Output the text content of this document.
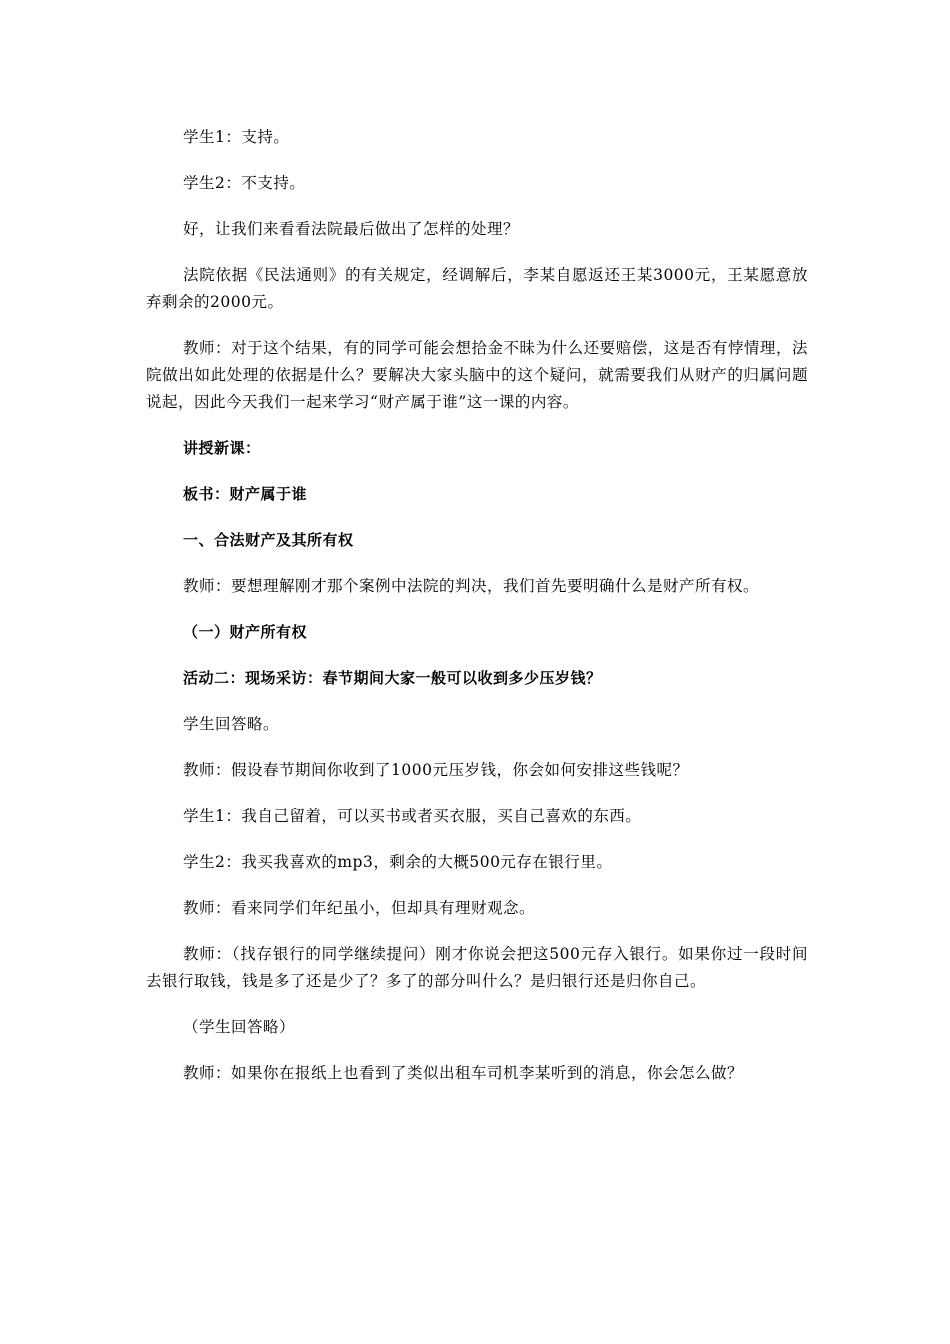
学生1：支持。

学生2：不支持。

好，让我们来看看法院最后做出了怎样的处理？

法院依据《民法通则》的有关规定，经调解后，李某自愿返还王某3000元，王某愿意放弃剩余的2000元。

教师：对于这个结果，有的同学可能会想拾金不昧为什么还要赔偿，这是否有悖情理，法院做出如此处理的依据是什么？要解决大家头脑中的这个疑问，就需要我们从财产的归属问题说起，因此今天我们一起来学习“财产属于谁”这一课的内容。

讲授新课：

板书：财产属于谁

一、合法财产及其所有权

教师：要想理解刚才那个案例中法院的判决，我们首先要明确什么是财产所有权。

（一）财产所有权

活动二：现场采访：春节期间大家一般可以收到多少压岁钱？

学生回答略。

教师：假设春节期间你收到了1000元压岁钱，你会如何安排这些钱呢？

学生1：我自己留着，可以买书或者买衣服，买自己喜欢的东西。

学生2：我买我喜欢的mp3，剩余的大概500元存在银行里。

教师：看来同学们年纪虽小，但却具有理财观念。

教师：（找存银行的同学继续提问）刚才你说会把这500元存入银行。如果你过一段时间去银行取钱，钱是多了还是少了？多了的部分叫什么？是归银行还是归你自己。

（学生回答略）

教师：如果你在报纸上也看到了类似出租车司机李某听到的消息，你会怎么做？
